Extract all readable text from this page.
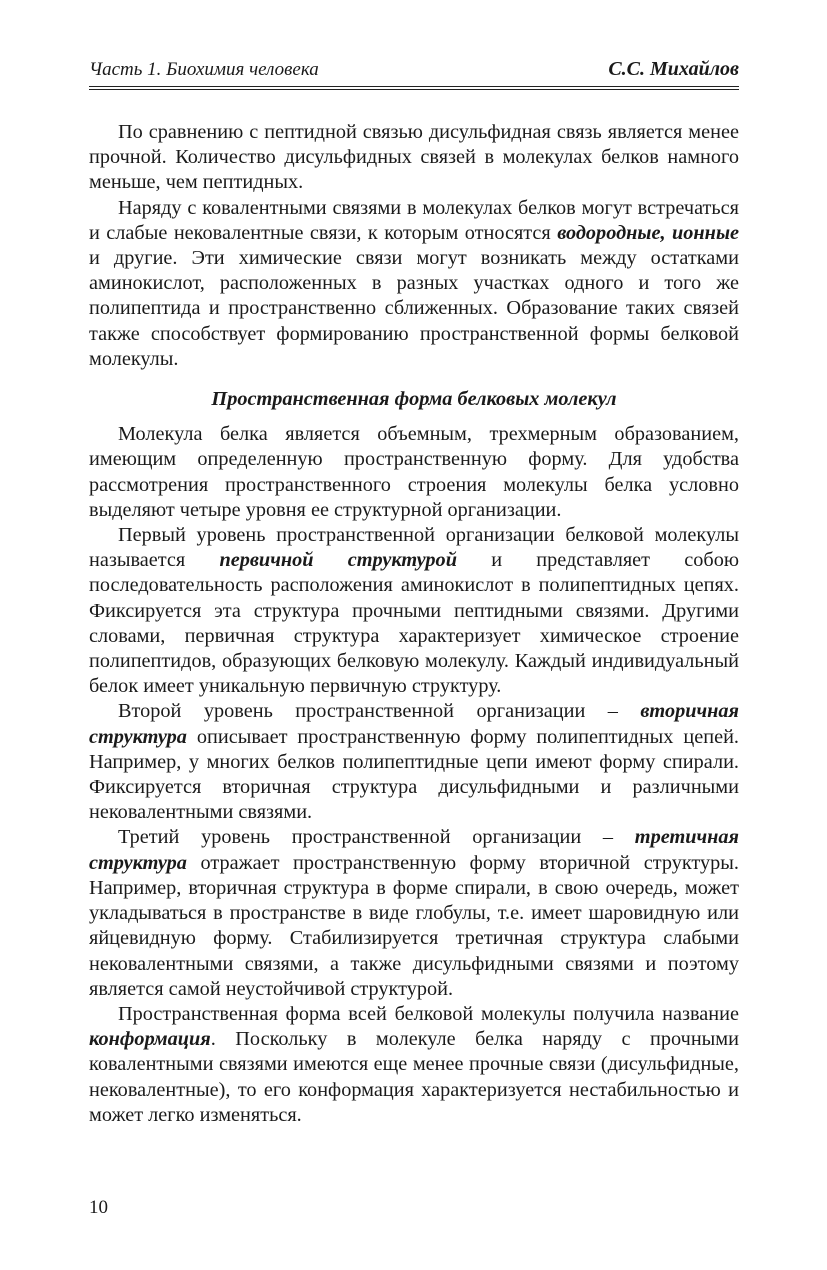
Часть 1. Биохимия человека	С.С. Михайлов

По сравнению с пептидной связью дисульфидная связь является менее прочной. Количество дисульфидных связей в молекулах белков намного меньше, чем пептидных.

Наряду с ковалентными связями в молекулах белков могут встречаться и слабые нековалентные связи, к которым относятся водородные, ионные и другие. Эти химические связи могут возникать между остатками аминокислот, расположенных в разных участках одного и того же полипептида и пространственно сближенных. Образование таких связей также способствует формированию пространственной формы белковой молекулы.

Пространственная форма белковых молекул

Молекула белка является объемным, трехмерным образованием, имеющим определенную пространственную форму. Для удобства рассмотрения пространственного строения молекулы белка условно выделяют четыре уровня ее структурной организации.

Первый уровень пространственной организации белковой молекулы называется первичной структурой и представляет собою последовательность расположения аминокислот в полипептидных цепях. Фиксируется эта структура прочными пептидными связями. Другими словами, первичная структура характеризует химическое строение полипептидов, образующих белковую молекулу. Каждый индивидуальный белок имеет уникальную первичную структуру.

Второй уровень пространственной организации – вторичная структура описывает пространственную форму полипептидных цепей. Например, у многих белков полипептидные цепи имеют форму спирали. Фиксируется вторичная структура дисульфидными и различными нековалентными связями.

Третий уровень пространственной организации – третичная структура отражает пространственную форму вторичной структуры. Например, вторичная структура в форме спирали, в свою очередь, может укладываться в пространстве в виде глобулы, т.е. имеет шаровидную или яйцевидную форму. Стабилизируется третичная структура слабыми нековалентными связями, а также дисульфидными связями и поэтому является самой неустойчивой структурой.

Пространственная форма всей белковой молекулы получила название конформация. Поскольку в молекуле белка наряду с прочными ковалентными связями имеются еще менее прочные связи (дисульфидные, нековалентные), то его конформация характеризуется нестабильностью и может легко изменяться.

10
